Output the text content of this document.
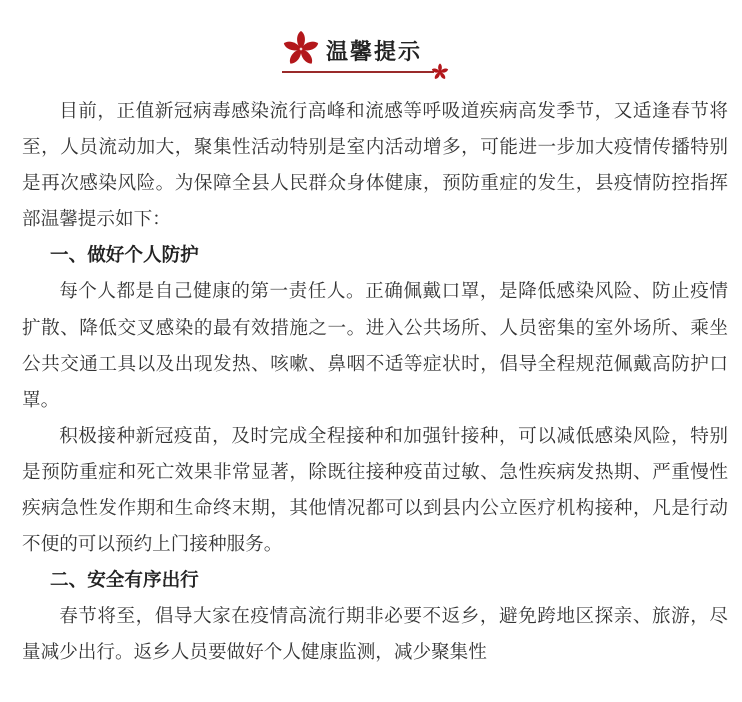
温馨提示

目前，正值新冠病毒感染流行高峰和流感等呼吸道疾病高发季节，又适逢春节将至，人员流动加大，聚集性活动特别是室内活动增多，可能进一步加大疫情传播特别是再次感染风险。为保障全县人民群众身体健康，预防重症的发生，县疫情防控指挥部温馨提示如下：

一、做好个人防护

每个人都是自己健康的第一责任人。正确佩戴口罩，是降低感染风险、防止疫情扩散、降低交叉感染的最有效措施之一。进入公共场所、人员密集的室外场所、乘坐公共交通工具以及出现发热、咳嗽、鼻咽不适等症状时，倡导全程规范佩戴高防护口罩。

积极接种新冠疫苗，及时完成全程接种和加强针接种，可以减低感染风险，特别是预防重症和死亡效果非常显著，除既往接种疫苗过敏、急性疾病发热期、严重慢性疾病急性发作期和生命终末期，其他情况都可以到县内公立医疗机构接种，凡是行动不便的可以预约上门接种服务。

二、安全有序出行

春节将至，倡导大家在疫情高流行期非必要不返乡，避免跨地区探亲、旅游，尽量减少出行。返乡人员要做好个人健康监测，减少聚集性
